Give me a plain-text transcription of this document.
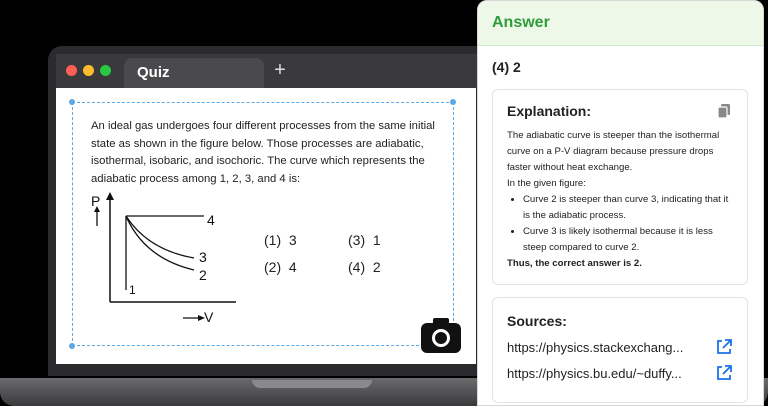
Quiz	+
An ideal gas undergoes four different processes from the same initial state as shown in the figure below. Those processes are adiabatic, isothermal, isobaric, and isochoric. The curve which represents the adiabatic process among 1, 2, 3, and 4 is:
P
V
4
3
2
1
(1) 3	(3) 1
(2) 4	(4) 2
Answer
(4) 2
Explanation:
The adiabatic curve is steeper than the isothermal curve on a P-V diagram because pressure drops faster without heat exchange.
In the given figure:
• Curve 2 is steeper than curve 3, indicating that it is the adiabatic process.
• Curve 3 is likely isothermal because it is less steep compared to curve 2.
Thus, the correct answer is 2.
Sources:
https://physics.stackexchang...
https://physics.bu.edu/~duffy...
